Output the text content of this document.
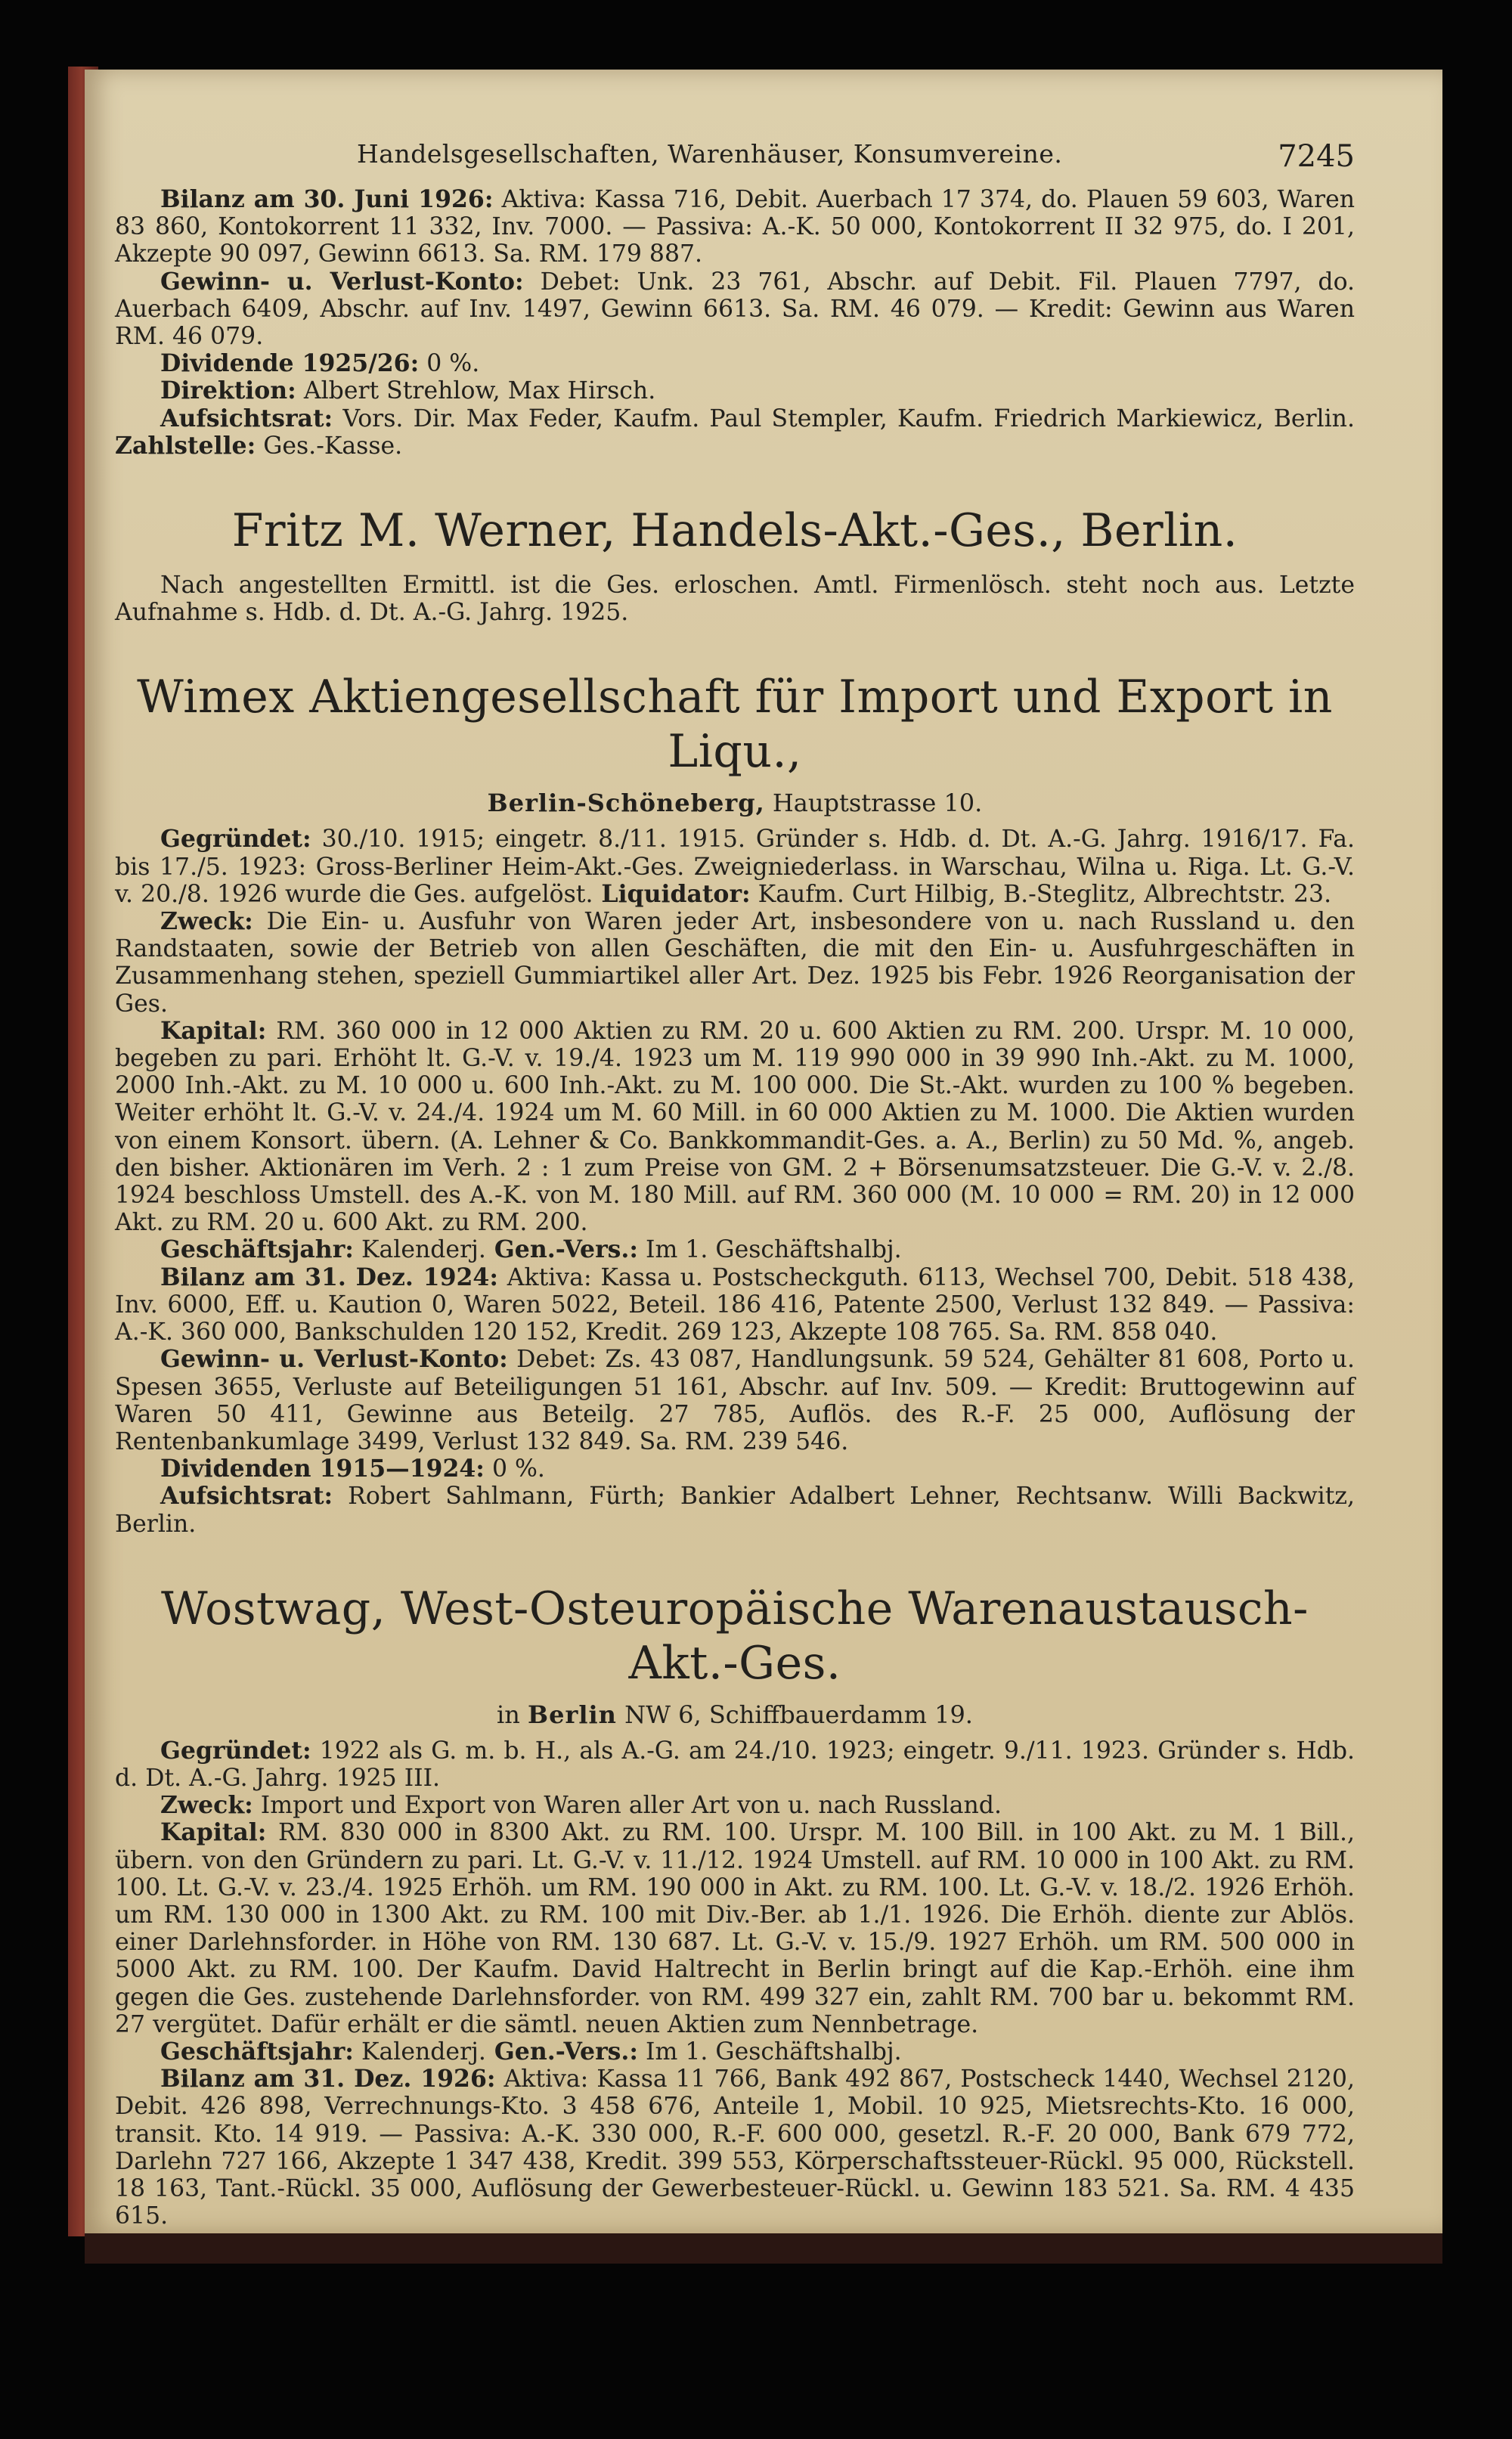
Handelsgesellschaften, Warenhäuser, Konsumvereine.	7245

Bilanz am 30. Juni 1926: Aktiva: Kassa 716, Debit. Auerbach 17 374, do. Plauen 59 603, Waren 83 860, Kontokorrent 11 332, Inv. 7000. — Passiva: A.-K. 50 000, Kontokorrent II 32 975, do. I 201, Akzepte 90 097, Gewinn 6613. Sa. RM. 179 887.

Gewinn- u. Verlust-Konto: Debet: Unk. 23 761, Abschr. auf Debit. Fil. Plauen 7797, do. Auerbach 6409, Abschr. auf Inv. 1497, Gewinn 6613. Sa. RM. 46 079. — Kredit: Gewinn aus Waren RM. 46 079.

Dividende 1925/26: 0 %.

Direktion: Albert Strehlow, Max Hirsch.

Aufsichtsrat: Vors. Dir. Max Feder, Kaufm. Paul Stempler, Kaufm. Friedrich Markiewicz, Berlin. Zahlstelle: Ges.-Kasse.

Fritz M. Werner, Handels-Akt.-Ges., Berlin.

Nach angestellten Ermittl. ist die Ges. erloschen. Amtl. Firmenlösch. steht noch aus. Letzte Aufnahme s. Hdb. d. Dt. A.-G. Jahrg. 1925.

Wimex Aktiengesellschaft für Import und Export in Liqu.,
Berlin-Schöneberg, Hauptstrasse 10.

Gegründet: 30./10. 1915; eingetr. 8./11. 1915. Gründer s. Hdb. d. Dt. A.-G. Jahrg. 1916/17. Fa. bis 17./5. 1923: Gross-Berliner Heim-Akt.-Ges. Zweigniederlass. in Warschau, Wilna u. Riga. Lt. G.-V. v. 20./8. 1926 wurde die Ges. aufgelöst. Liquidator: Kaufm. Curt Hilbig, B.-Steglitz, Albrechtstr. 23.

Zweck: Die Ein- u. Ausfuhr von Waren jeder Art, insbesondere von u. nach Russland u. den Randstaaten, sowie der Betrieb von allen Geschäften, die mit den Ein- u. Ausfuhrgeschäften in Zusammenhang stehen, speziell Gummiartikel aller Art. Dez. 1925 bis Febr. 1926 Reorganisation der Ges.

Kapital: RM. 360 000 in 12 000 Aktien zu RM. 20 u. 600 Aktien zu RM. 200. Urspr. M. 10 000, begeben zu pari. Erhöht lt. G.-V. v. 19./4. 1923 um M. 119 990 000 in 39 990 Inh.-Akt. zu M. 1000, 2000 Inh.-Akt. zu M. 10 000 u. 600 Inh.-Akt. zu M. 100 000. Die St.-Akt. wurden zu 100 % begeben. Weiter erhöht lt. G.-V. v. 24./4. 1924 um M. 60 Mill. in 60 000 Aktien zu M. 1000. Die Aktien wurden von einem Konsort. übern. (A. Lehner & Co. Bankkommandit-Ges. a. A., Berlin) zu 50 Md. %, angeb. den bisher. Aktionären im Verh. 2 : 1 zum Preise von GM. 2 + Börsenumsatzsteuer. Die G.-V. v. 2./8. 1924 beschloss Umstell. des A.-K. von M. 180 Mill. auf RM. 360 000 (M. 10 000 = RM. 20) in 12 000 Akt. zu RM. 20 u. 600 Akt. zu RM. 200.

Geschäftsjahr: Kalenderj. Gen.-Vers.: Im 1. Geschäftshalbj.

Bilanz am 31. Dez. 1924: Aktiva: Kassa u. Postscheckguth. 6113, Wechsel 700, Debit. 518 438, Inv. 6000, Eff. u. Kaution 0, Waren 5022, Beteil. 186 416, Patente 2500, Verlust 132 849. — Passiva: A.-K. 360 000, Bankschulden 120 152, Kredit. 269 123, Akzepte 108 765. Sa. RM. 858 040.

Gewinn- u. Verlust-Konto: Debet: Zs. 43 087, Handlungsunk. 59 524, Gehälter 81 608, Porto u. Spesen 3655, Verluste auf Beteiligungen 51 161, Abschr. auf Inv. 509. — Kredit: Bruttogewinn auf Waren 50 411, Gewinne aus Beteilg. 27 785, Auflös. des R.-F. 25 000, Auflösung der Rentenbankumlage 3499, Verlust 132 849. Sa. RM. 239 546.

Dividenden 1915—1924: 0 %.

Aufsichtsrat: Robert Sahlmann, Fürth; Bankier Adalbert Lehner, Rechtsanw. Willi Backwitz, Berlin.

Wostwag, West-Osteuropäische Warenaustausch-Akt.-Ges.
in Berlin NW 6, Schiffbauerdamm 19.

Gegründet: 1922 als G. m. b. H., als A.-G. am 24./10. 1923; eingetr. 9./11. 1923. Gründer s. Hdb. d. Dt. A.-G. Jahrg. 1925 III.

Zweck: Import und Export von Waren aller Art von u. nach Russland.

Kapital: RM. 830 000 in 8300 Akt. zu RM. 100. Urspr. M. 100 Bill. in 100 Akt. zu M. 1 Bill., übern. von den Gründern zu pari. Lt. G.-V. v. 11./12. 1924 Umstell. auf RM. 10 000 in 100 Akt. zu RM. 100. Lt. G.-V. v. 23./4. 1925 Erhöh. um RM. 190 000 in Akt. zu RM. 100. Lt. G.-V. v. 18./2. 1926 Erhöh. um RM. 130 000 in 1300 Akt. zu RM. 100 mit Div.-Ber. ab 1./1. 1926. Die Erhöh. diente zur Ablös. einer Darlehnsforder. in Höhe von RM. 130 687. Lt. G.-V. v. 15./9. 1927 Erhöh. um RM. 500 000 in 5000 Akt. zu RM. 100. Der Kaufm. David Haltrecht in Berlin bringt auf die Kap.-Erhöh. eine ihm gegen die Ges. zustehende Darlehnsforder. von RM. 499 327 ein, zahlt RM. 700 bar u. bekommt RM. 27 vergütet. Dafür erhält er die sämtl. neuen Aktien zum Nennbetrage.

Geschäftsjahr: Kalenderj. Gen.-Vers.: Im 1. Geschäftshalbj.

Bilanz am 31. Dez. 1926: Aktiva: Kassa 11 766, Bank 492 867, Postscheck 1440, Wechsel 2120, Debit. 426 898, Verrechnungs-Kto. 3 458 676, Anteile 1, Mobil. 10 925, Mietsrechts-Kto. 16 000, transit. Kto. 14 919. — Passiva: A.-K. 330 000, R.-F. 600 000, gesetzl. R.-F. 20 000, Bank 679 772, Darlehn 727 166, Akzepte 1 347 438, Kredit. 399 553, Körperschaftssteuer-Rückl. 95 000, Rückstell. 18 163, Tant.-Rückl. 35 000, Auflösung der Gewerbesteuer-Rückl. u. Gewinn 183 521. Sa. RM. 4 435 615.
